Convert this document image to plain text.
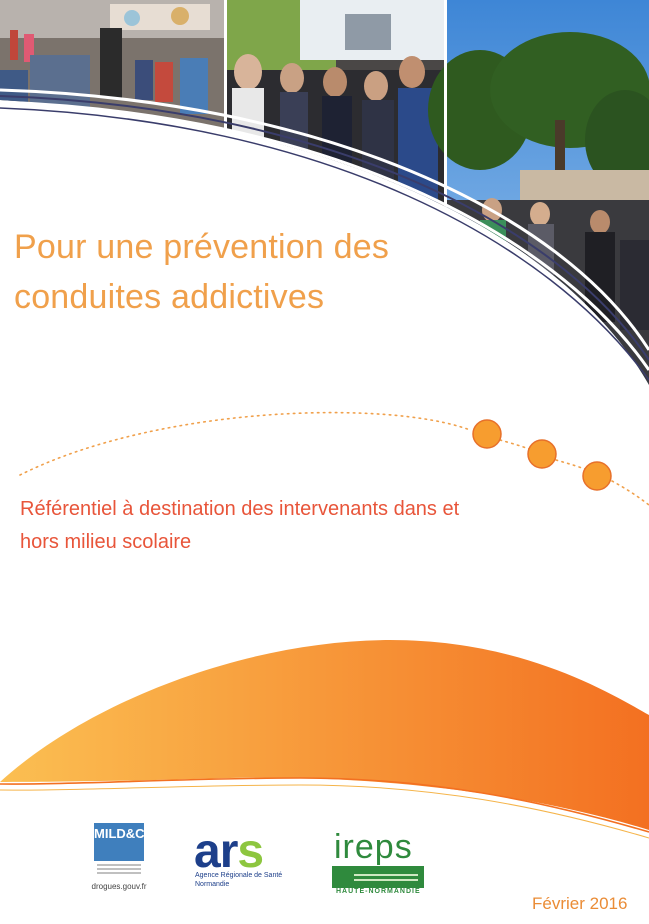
Pour une prévention des
conduites addictives

Référentiel à destination des intervenants dans et
hors milieu scolaire

MILD&CA
drogues.gouv.fr
ars
Agence Régionale de Santé
Normandie
ireps
HAUTE-NORMANDIE

Février 2016
